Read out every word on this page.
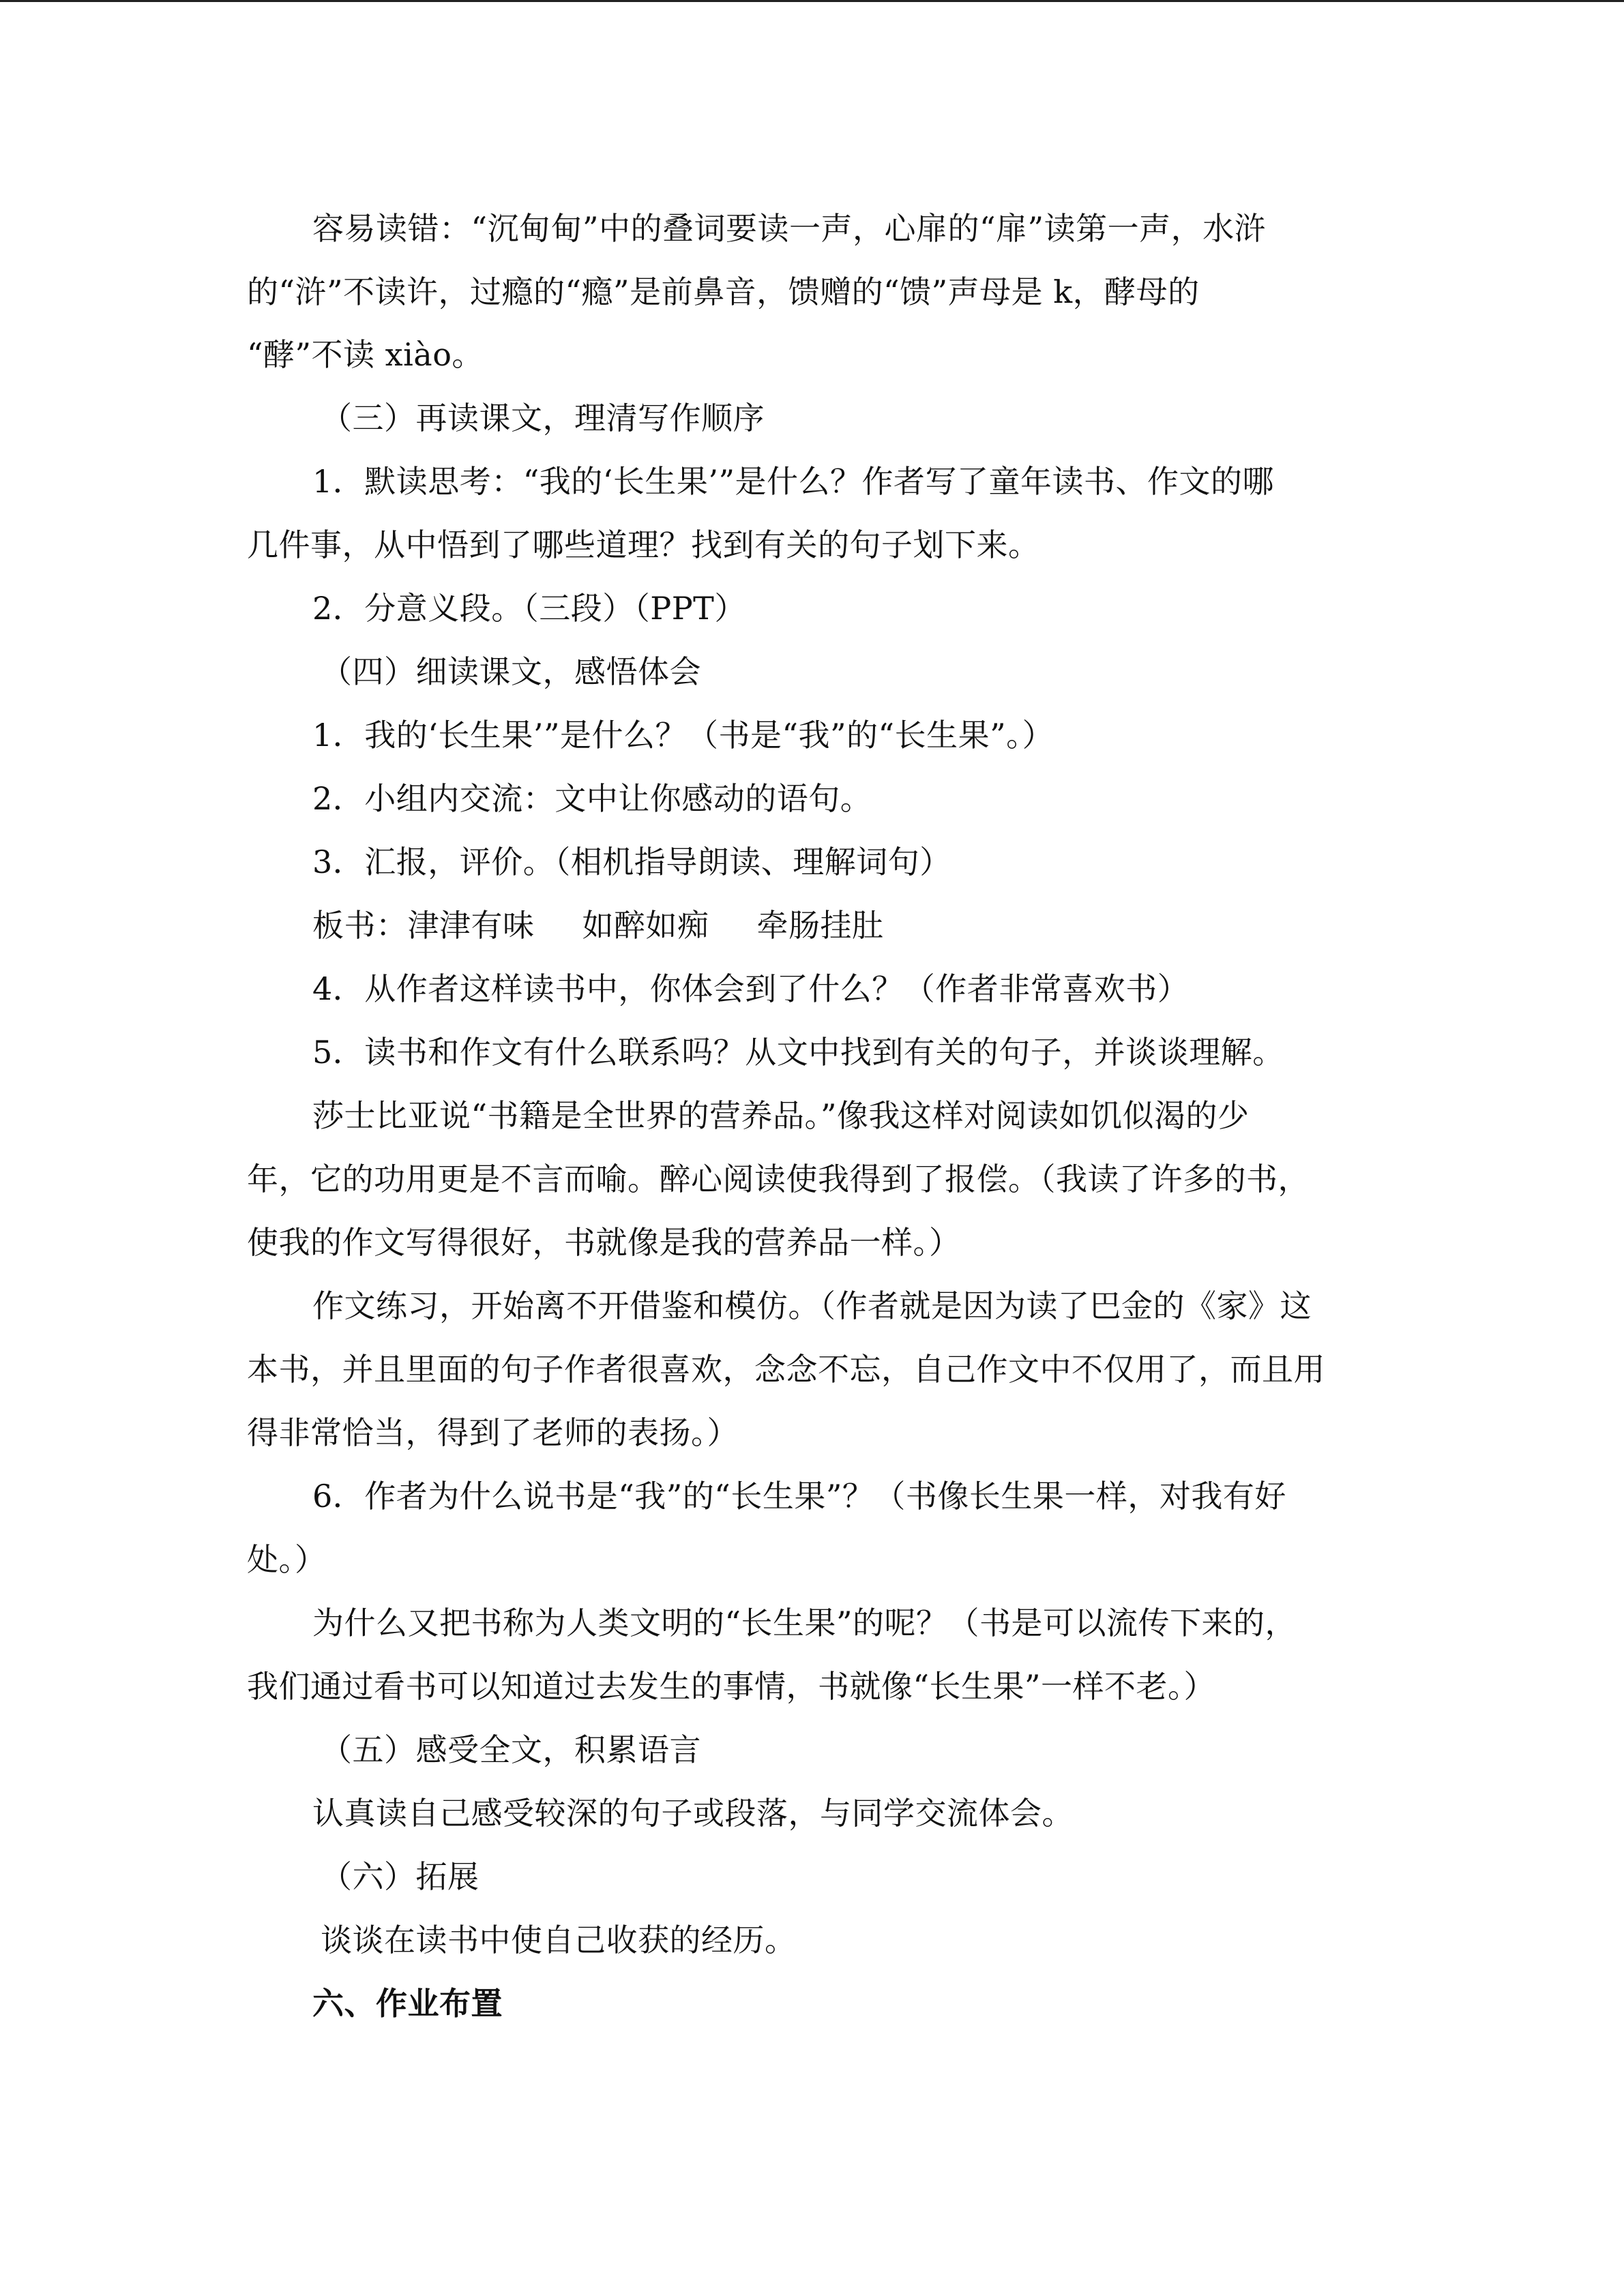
容易读错：“沉甸甸”中的叠词要读一声，心扉的“扉”读第一声，水浒
的“浒”不读许，过瘾的“瘾”是前鼻音，馈赠的“馈”声母是 k，酵母的
“酵”不读 xiào。
（三）再读课文，理清写作顺序
1．默读思考：“我的‘长生果’”是什么？作者写了童年读书、作文的哪
几件事，从中悟到了哪些道理？找到有关的句子划下来。
2．分意义段。（三段）（PPT）
（四）细读课文，感悟体会
1．我的‘长生果’”是什么？（书是“我”的“长生果”。）
2．小组内交流：文中让你感动的语句。
3．汇报，评价。（相机指导朗读、理解词句）
板书：津津有味 如醉如痴 牵肠挂肚
4．从作者这样读书中，你体会到了什么？（作者非常喜欢书）
5．读书和作文有什么联系吗？从文中找到有关的句子，并谈谈理解。
莎士比亚说“书籍是全世界的营养品。”像我这样对阅读如饥似渴的少
年，它的功用更是不言而喻。醉心阅读使我得到了报偿。（我读了许多的书，
使我的作文写得很好，书就像是我的营养品一样。）
作文练习，开始离不开借鉴和模仿。（作者就是因为读了巴金的《家》这
本书，并且里面的句子作者很喜欢，念念不忘，自己作文中不仅用了，而且用
得非常恰当，得到了老师的表扬。）
6．作者为什么说书是“我”的“长生果”？（书像长生果一样，对我有好
处。）
为什么又把书称为人类文明的“长生果”的呢？（书是可以流传下来的，
我们通过看书可以知道过去发生的事情，书就像“长生果”一样不老。）
（五）感受全文，积累语言
认真读自己感受较深的句子或段落，与同学交流体会。
（六）拓展
谈谈在读书中使自己收获的经历。
六、作业布置
